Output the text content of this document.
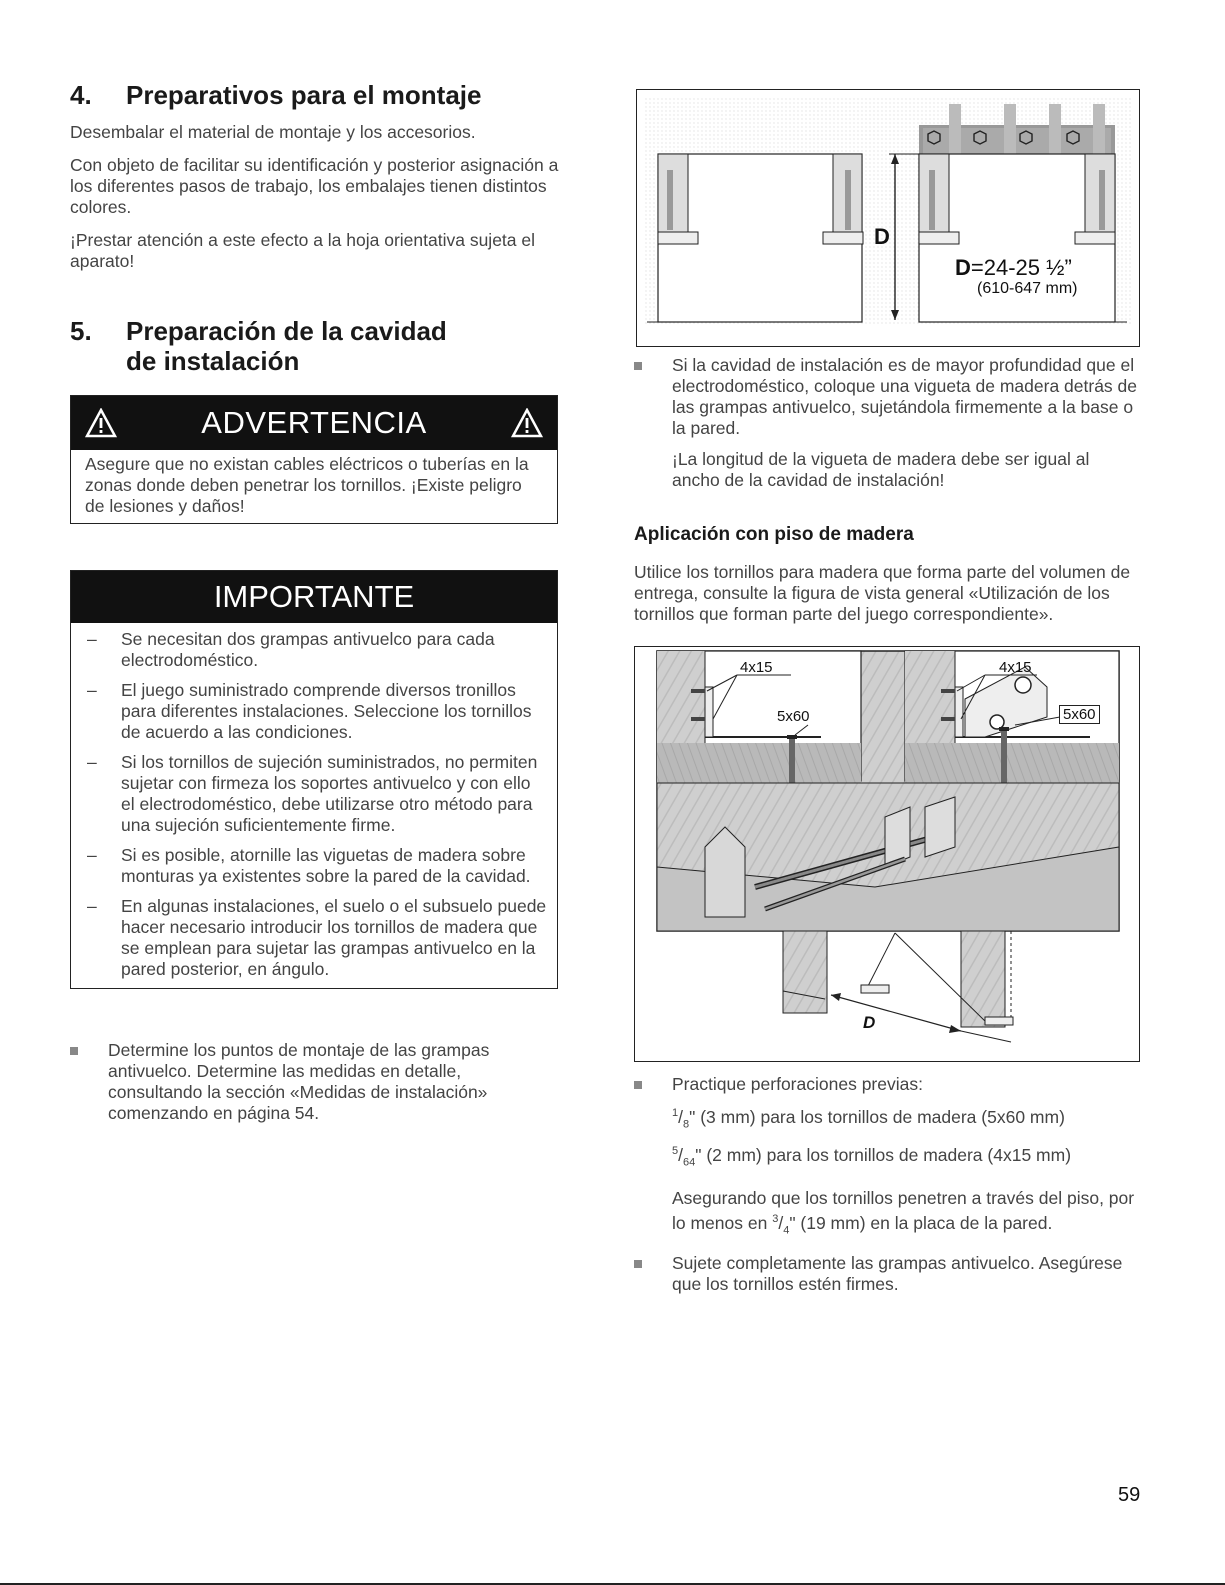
4. Preparativos para el montaje

Desembalar el material de montaje y los accesorios.

Con objeto de facilitar su identificación y posterior asignación a los diferentes pasos de trabajo, los embalajes tienen distintos colores.

¡Prestar atención a este efecto a la hoja orientativa sujeta el aparato!

5. Preparación de la cavidad
de instalación
ADVERTENCIA
Asegure que no existan cables eléctricos o tuberías en la zonas donde deben penetrar los tornillos. ¡Existe peligro de lesiones y daños!
IMPORTANTE
–	Se necesitan dos grampas antivuelco para cada electrodoméstico.
–	El juego suministrado comprende diversos tronillos para diferentes instalaciones. Seleccione los tornillos de acuerdo a las condiciones.
–	Si los tornillos de sujeción suministrados, no permiten sujetar con firmeza los soportes antivuelco y con ello el electrodoméstico, debe utilizarse otro método para una sujeción suficientemente firme.
–	Si es posible, atornille las viguetas de madera sobre monturas ya existentes sobre la pared de la cavidad.
–	En algunas instalaciones, el suelo o el subsuelo puede hacer necesario introducir los tornillos de madera que se emplean para sujetar las grampas antivuelco en la pared posterior, en ángulo.
Determine los puntos de montaje de las grampas antivuelco. Determine las medidas en detalle, consultando la sección «Medidas de instalación» comenzando en página 54.
D
D=24-25 ½”
(610-647 mm)
Si la cavidad de instalación es de mayor profundidad que el electrodoméstico, coloque una vigueta de madera detrás de las grampas antivuelco, sujetándola firmemente a la base o la pared.
¡La longitud de la vigueta de madera debe ser igual al ancho de la cavidad de instalación!
Aplicación con piso de madera
Utilice los tornillos para madera que forma parte del volumen de entrega, consulte la figura de vista general «Utilización de los tornillos que forman parte del juego correspondiente».
4x15
5x60
4x15
5x60
D
Practique perforaciones previas:
$^1/_8$" (3 mm) para los tornillos de madera (5x60 mm)
$^5/_{64}$" (2 mm) para los tornillos de madera (4x15 mm)
Asegurando que los tornillos penetren a través del piso, por lo menos en $^3/_4$" (19 mm) en la placa de la pared.
Sujete completamente las grampas antivuelco. Asegúrese que los tornillos estén firmes.
59
